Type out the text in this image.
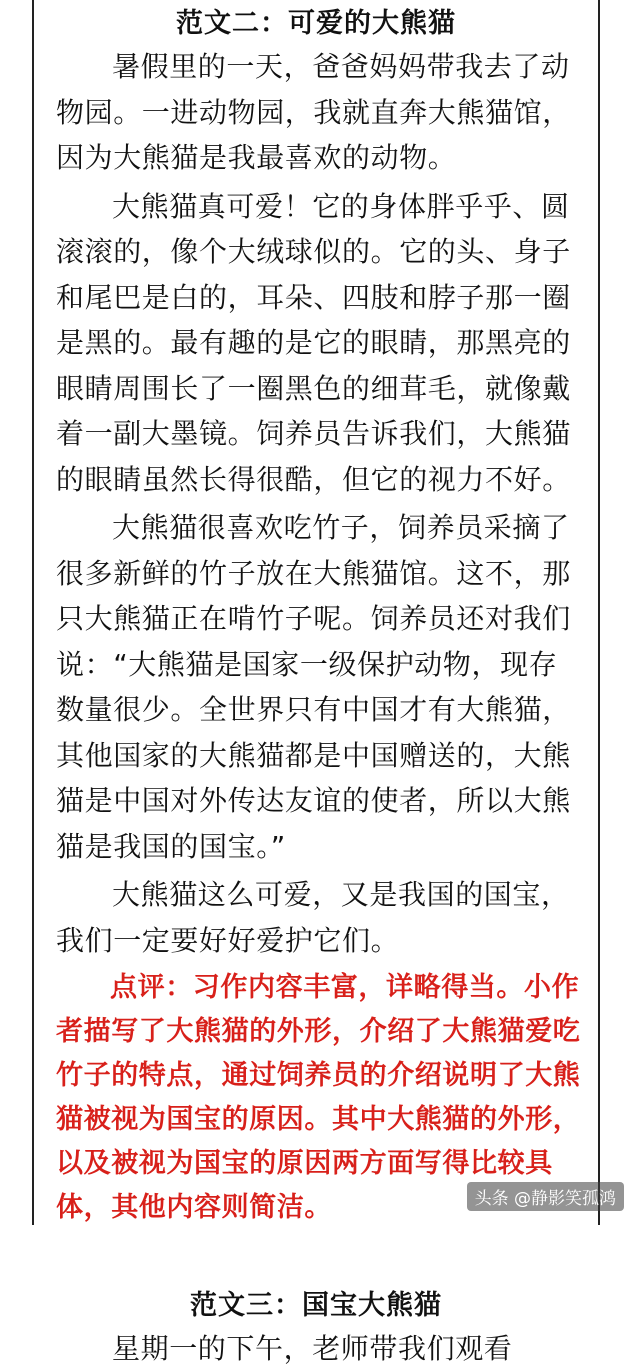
范文二：可爱的大熊猫

暑假里的一天，爸爸妈妈带我去了动物园。一进动物园，我就直奔大熊猫馆，因为大熊猫是我最喜欢的动物。

大熊猫真可爱！它的身体胖乎乎、圆滚滚的，像个大绒球似的。它的头、身子和尾巴是白的，耳朵、四肢和脖子那一圈是黑的。最有趣的是它的眼睛，那黑亮的眼睛周围长了一圈黑色的细茸毛，就像戴着一副大墨镜。饲养员告诉我们，大熊猫的眼睛虽然长得很酷，但它的视力不好。

大熊猫很喜欢吃竹子，饲养员采摘了很多新鲜的竹子放在大熊猫馆。这不，那只大熊猫正在啃竹子呢。饲养员还对我们说：“大熊猫是国家一级保护动物，现存数量很少。全世界只有中国才有大熊猫，其他国家的大熊猫都是中国赠送的，大熊猫是中国对外传达友谊的使者，所以大熊猫是我国的国宝。”

大熊猫这么可爱，又是我国的国宝，我们一定要好好爱护它们。

点评：习作内容丰富，详略得当。小作者描写了大熊猫的外形，介绍了大熊猫爱吃竹子的特点，通过饲养员的介绍说明了大熊猫被视为国宝的原因。其中大熊猫的外形，以及被视为国宝的原因两方面写得比较具体，其他内容则简洁。

范文三：国宝大熊猫

星期一的下午，老师带我们观看

头条 @静影笑孤鸿
